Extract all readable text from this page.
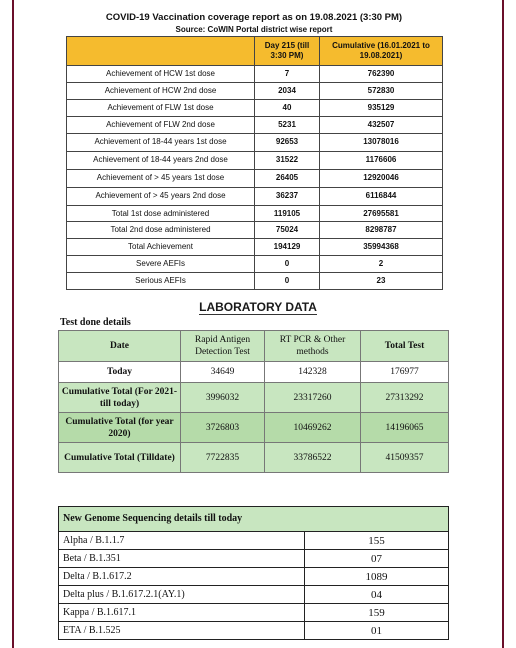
COVID-19 Vaccination coverage report as on 19.08.2021 (3:30 PM)
Source: CoWIN Portal district wise report
	Day 215 (till 3:30 PM)	Cumulative (16.01.2021 to 19.08.2021)
Achievement of HCW 1st dose	7	762390
Achievement of HCW 2nd dose	2034	572830
Achievement of FLW 1st dose	40	935129
Achievement of FLW 2nd dose	5231	432507
Achievement of 18-44 years 1st dose	92653	13078016
Achievement of 18-44 years 2nd dose	31522	1176606
Achievement of > 45 years 1st dose	26405	12920046
Achievement of > 45 years 2nd dose	36237	6116844
Total 1st dose administered	119105	27695581
Total 2nd dose administered	75024	8298787
Total Achievement	194129	35994368
Severe AEFIs	0	2
Serious AEFIs	0	23
LABORATORY DATA
Test done details
Date	Rapid Antigen Detection Test	RT PCR & Other methods	Total Test
Today	34649	142328	176977
Cumulative Total (For 2021- till today)	3996032	23317260	27313292
Cumulative Total (for year 2020)	3726803	10469262	14196065
Cumulative Total (Tilldate)	7722835	33786522	41509357
New Genome Sequencing details till today	
Alpha / B.1.1.7	155
Beta / B.1.351	07
Delta / B.1.617.2	1089
Delta plus / B.1.617.2.1(AY.1)	04
Kappa / B.1.617.1	159
ETA / B.1.525	01
